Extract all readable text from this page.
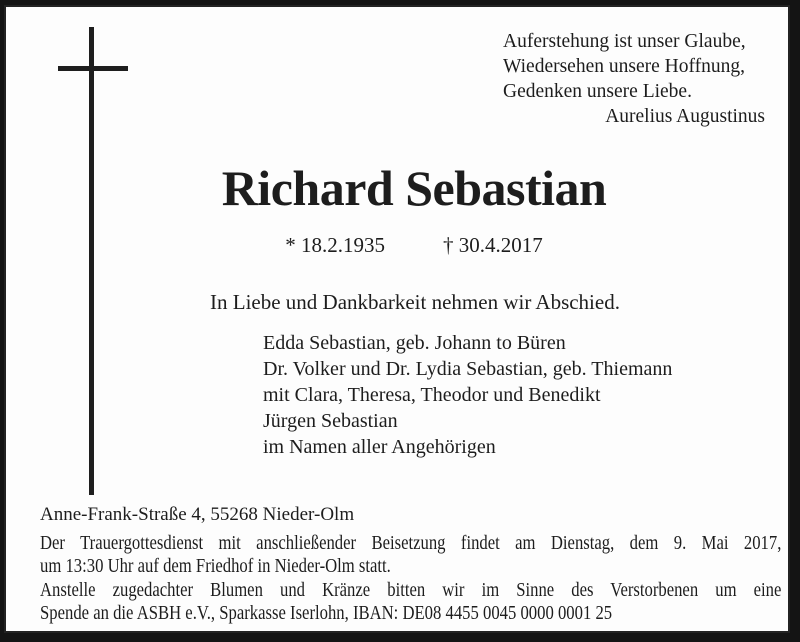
Auferstehung ist unser Glaube,
Wiedersehen unsere Hoffnung,
Gedenken unsere Liebe.
Aurelius Augustinus
Richard Sebastian
* 18.2.1935	† 30.4.2017
In Liebe und Dankbarkeit nehmen wir Abschied.
Edda Sebastian, geb. Johann to Büren
Dr. Volker und Dr. Lydia Sebastian, geb. Thiemann
mit Clara, Theresa, Theodor und Benedikt
Jürgen Sebastian
im Namen aller Angehörigen
Anne-Frank-Straße 4, 55268 Nieder-Olm
Der Trauergottesdienst mit anschließender Beisetzung findet am Dienstag, dem 9. Mai 2017,
um 13:30 Uhr auf dem Friedhof in Nieder-Olm statt.
Anstelle zugedachter Blumen und Kränze bitten wir im Sinne des Verstorbenen um eine
Spende an die ASBH e.V., Sparkasse Iserlohn, IBAN: DE08 4455 0045 0000 0001 25
